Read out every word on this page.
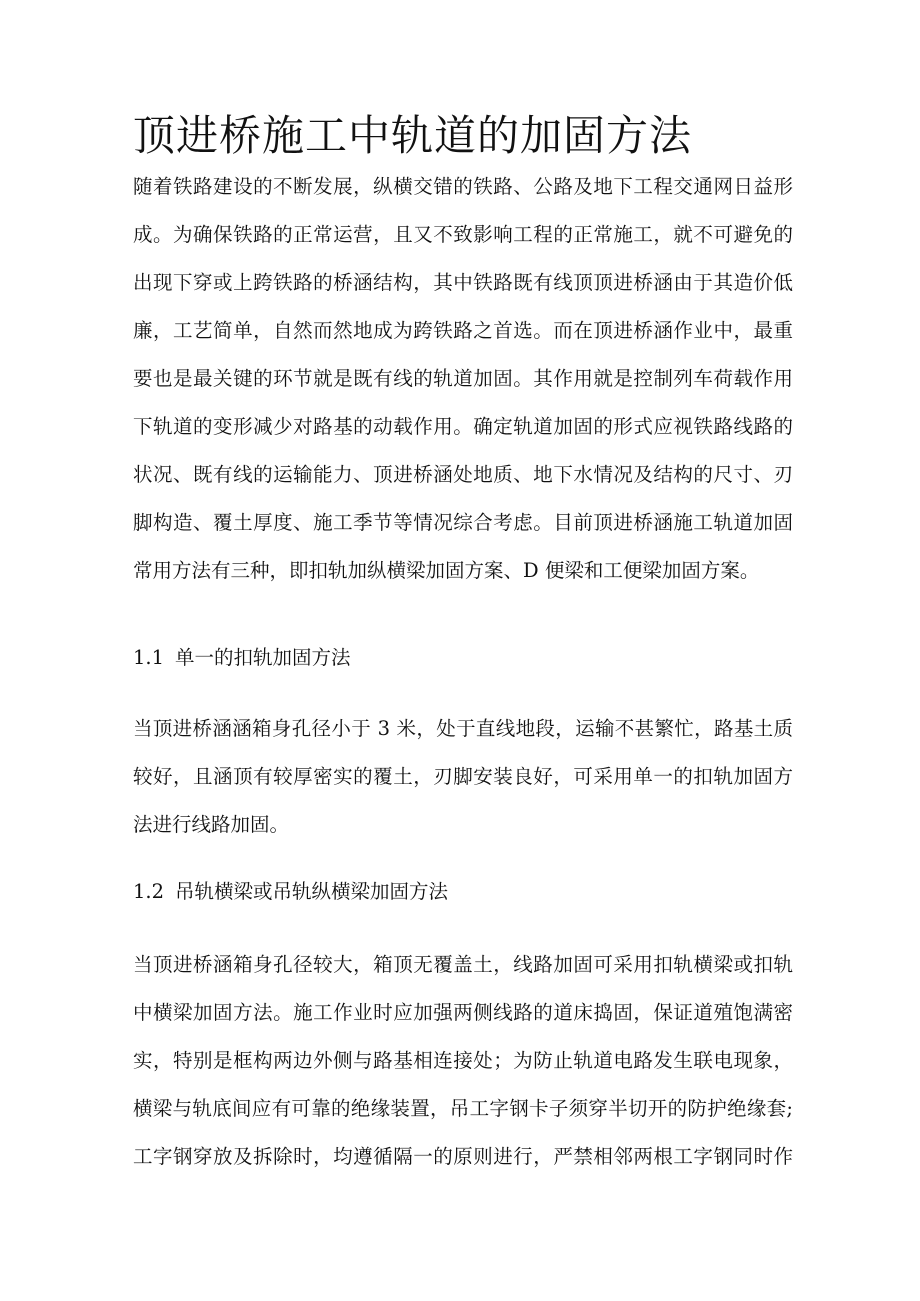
顶进桥施工中轨道的加固方法
随着铁路建设的不断发展，纵横交错的铁路、公路及地下工程交通网日益形
成。为确保铁路的正常运营，且又不致影响工程的正常施工，就不可避免的
出现下穿或上跨铁路的桥涵结构，其中铁路既有线顶顶进桥涵由于其造价低
廉，工艺简单，自然而然地成为跨铁路之首选。而在顶进桥涵作业中，最重
要也是最关键的环节就是既有线的轨道加固。其作用就是控制列车荷载作用
下轨道的变形减少对路基的动载作用。确定轨道加固的形式应视铁路线路的
状况、既有线的运输能力、顶进桥涵处地质、地下水情况及结构的尺寸、刃
脚构造、覆土厚度、施工季节等情况综合考虑。目前顶进桥涵施工轨道加固
常用方法有三种，即扣轨加纵横梁加固方案、D 便梁和工便梁加固方案。
1.1 单一的扣轨加固方法
当顶进桥涵涵箱身孔径小于 3 米，处于直线地段，运输不甚繁忙，路基土质
较好，且涵顶有较厚密实的覆土，刃脚安装良好，可采用单一的扣轨加固方
法进行线路加固。
1.2 吊轨横梁或吊轨纵横梁加固方法
当顶进桥涵箱身孔径较大，箱顶无覆盖土，线路加固可采用扣轨横梁或扣轨
中横梁加固方法。施工作业时应加强两侧线路的道床捣固，保证道殖饱满密
实，特别是框构两边外侧与路基相连接处；为防止轨道电路发生联电现象，
横梁与轨底间应有可靠的绝缘装置，吊工字钢卡子须穿半切开的防护绝缘套;
工字钢穿放及拆除时，均遵循隔一的原则进行，严禁相邻两根工字钢同时作
